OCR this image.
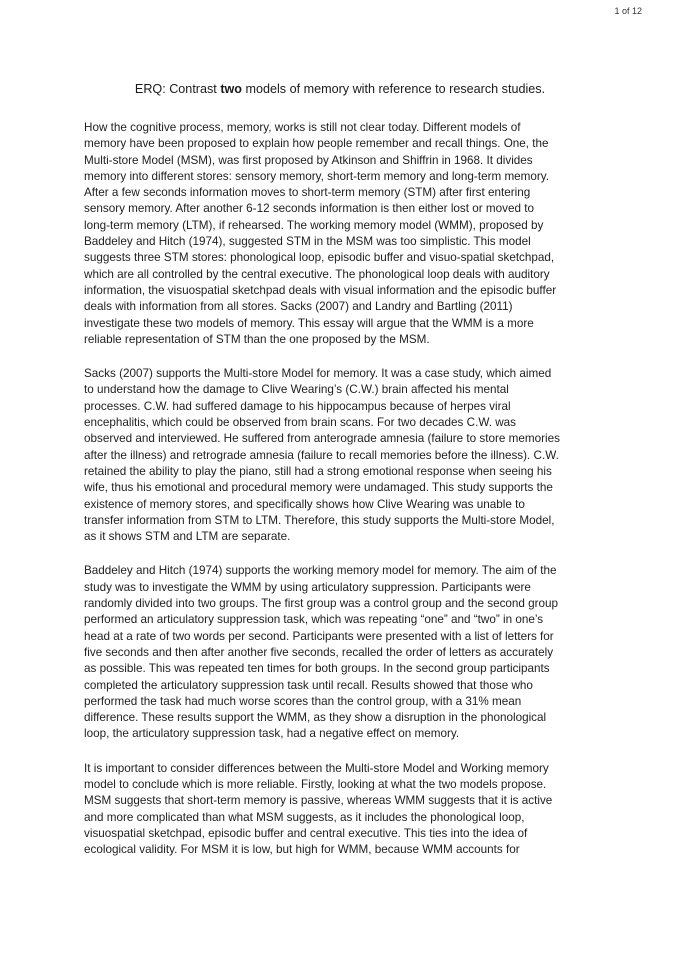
1 of 12
ERQ: Contrast two models of memory with reference to research studies.
How the cognitive process, memory, works is still not clear today. Different models of
memory have been proposed to explain how people remember and recall things. One, the
Multi-store Model (MSM), was first proposed by Atkinson and Shiffrin in 1968. It divides
memory into different stores: sensory memory, short-term memory and long-term memory.
After a few seconds information moves to short-term memory (STM) after first entering
sensory memory. After another 6-12 seconds information is then either lost or moved to
long-term memory (LTM), if rehearsed. The working memory model (WMM), proposed by
Baddeley and Hitch (1974), suggested STM in the MSM was too simplistic. This model
suggests three STM stores: phonological loop, episodic buffer and visuo-spatial sketchpad,
which are all controlled by the central executive. The phonological loop deals with auditory
information, the visuospatial sketchpad deals with visual information and the episodic buffer
deals with information from all stores. Sacks (2007) and Landry and Bartling (2011)
investigate these two models of memory. This essay will argue that the WMM is a more
reliable representation of STM than the one proposed by the MSM.
Sacks (2007) supports the Multi-store Model for memory. It was a case study, which aimed
to understand how the damage to Clive Wearing’s (C.W.) brain affected his mental
processes. C.W. had suffered damage to his hippocampus because of herpes viral
encephalitis, which could be observed from brain scans. For two decades C.W. was
observed and interviewed. He suffered from anterograde amnesia (failure to store memories
after the illness) and retrograde amnesia (failure to recall memories before the illness). C.W.
retained the ability to play the piano, still had a strong emotional response when seeing his
wife, thus his emotional and procedural memory were undamaged. This study supports the
existence of memory stores, and specifically shows how Clive Wearing was unable to
transfer information from STM to LTM. Therefore, this study supports the Multi-store Model,
as it shows STM and LTM are separate.
Baddeley and Hitch (1974) supports the working memory model for memory. The aim of the
study was to investigate the WMM by using articulatory suppression. Participants were
randomly divided into two groups. The first group was a control group and the second group
performed an articulatory suppression task, which was repeating “one” and “two” in one’s
head at a rate of two words per second. Participants were presented with a list of letters for
five seconds and then after another five seconds, recalled the order of letters as accurately
as possible. This was repeated ten times for both groups. In the second group participants
completed the articulatory suppression task until recall. Results showed that those who
performed the task had much worse scores than the control group, with a 31% mean
difference. These results support the WMM, as they show a disruption in the phonological
loop, the articulatory suppression task, had a negative effect on memory.
It is important to consider differences between the Multi-store Model and Working memory
model to conclude which is more reliable. Firstly, looking at what the two models propose.
MSM suggests that short-term memory is passive, whereas WMM suggests that it is active
and more complicated than what MSM suggests, as it includes the phonological loop,
visuospatial sketchpad, episodic buffer and central executive. This ties into the idea of
ecological validity. For MSM it is low, but high for WMM, because WMM accounts for
